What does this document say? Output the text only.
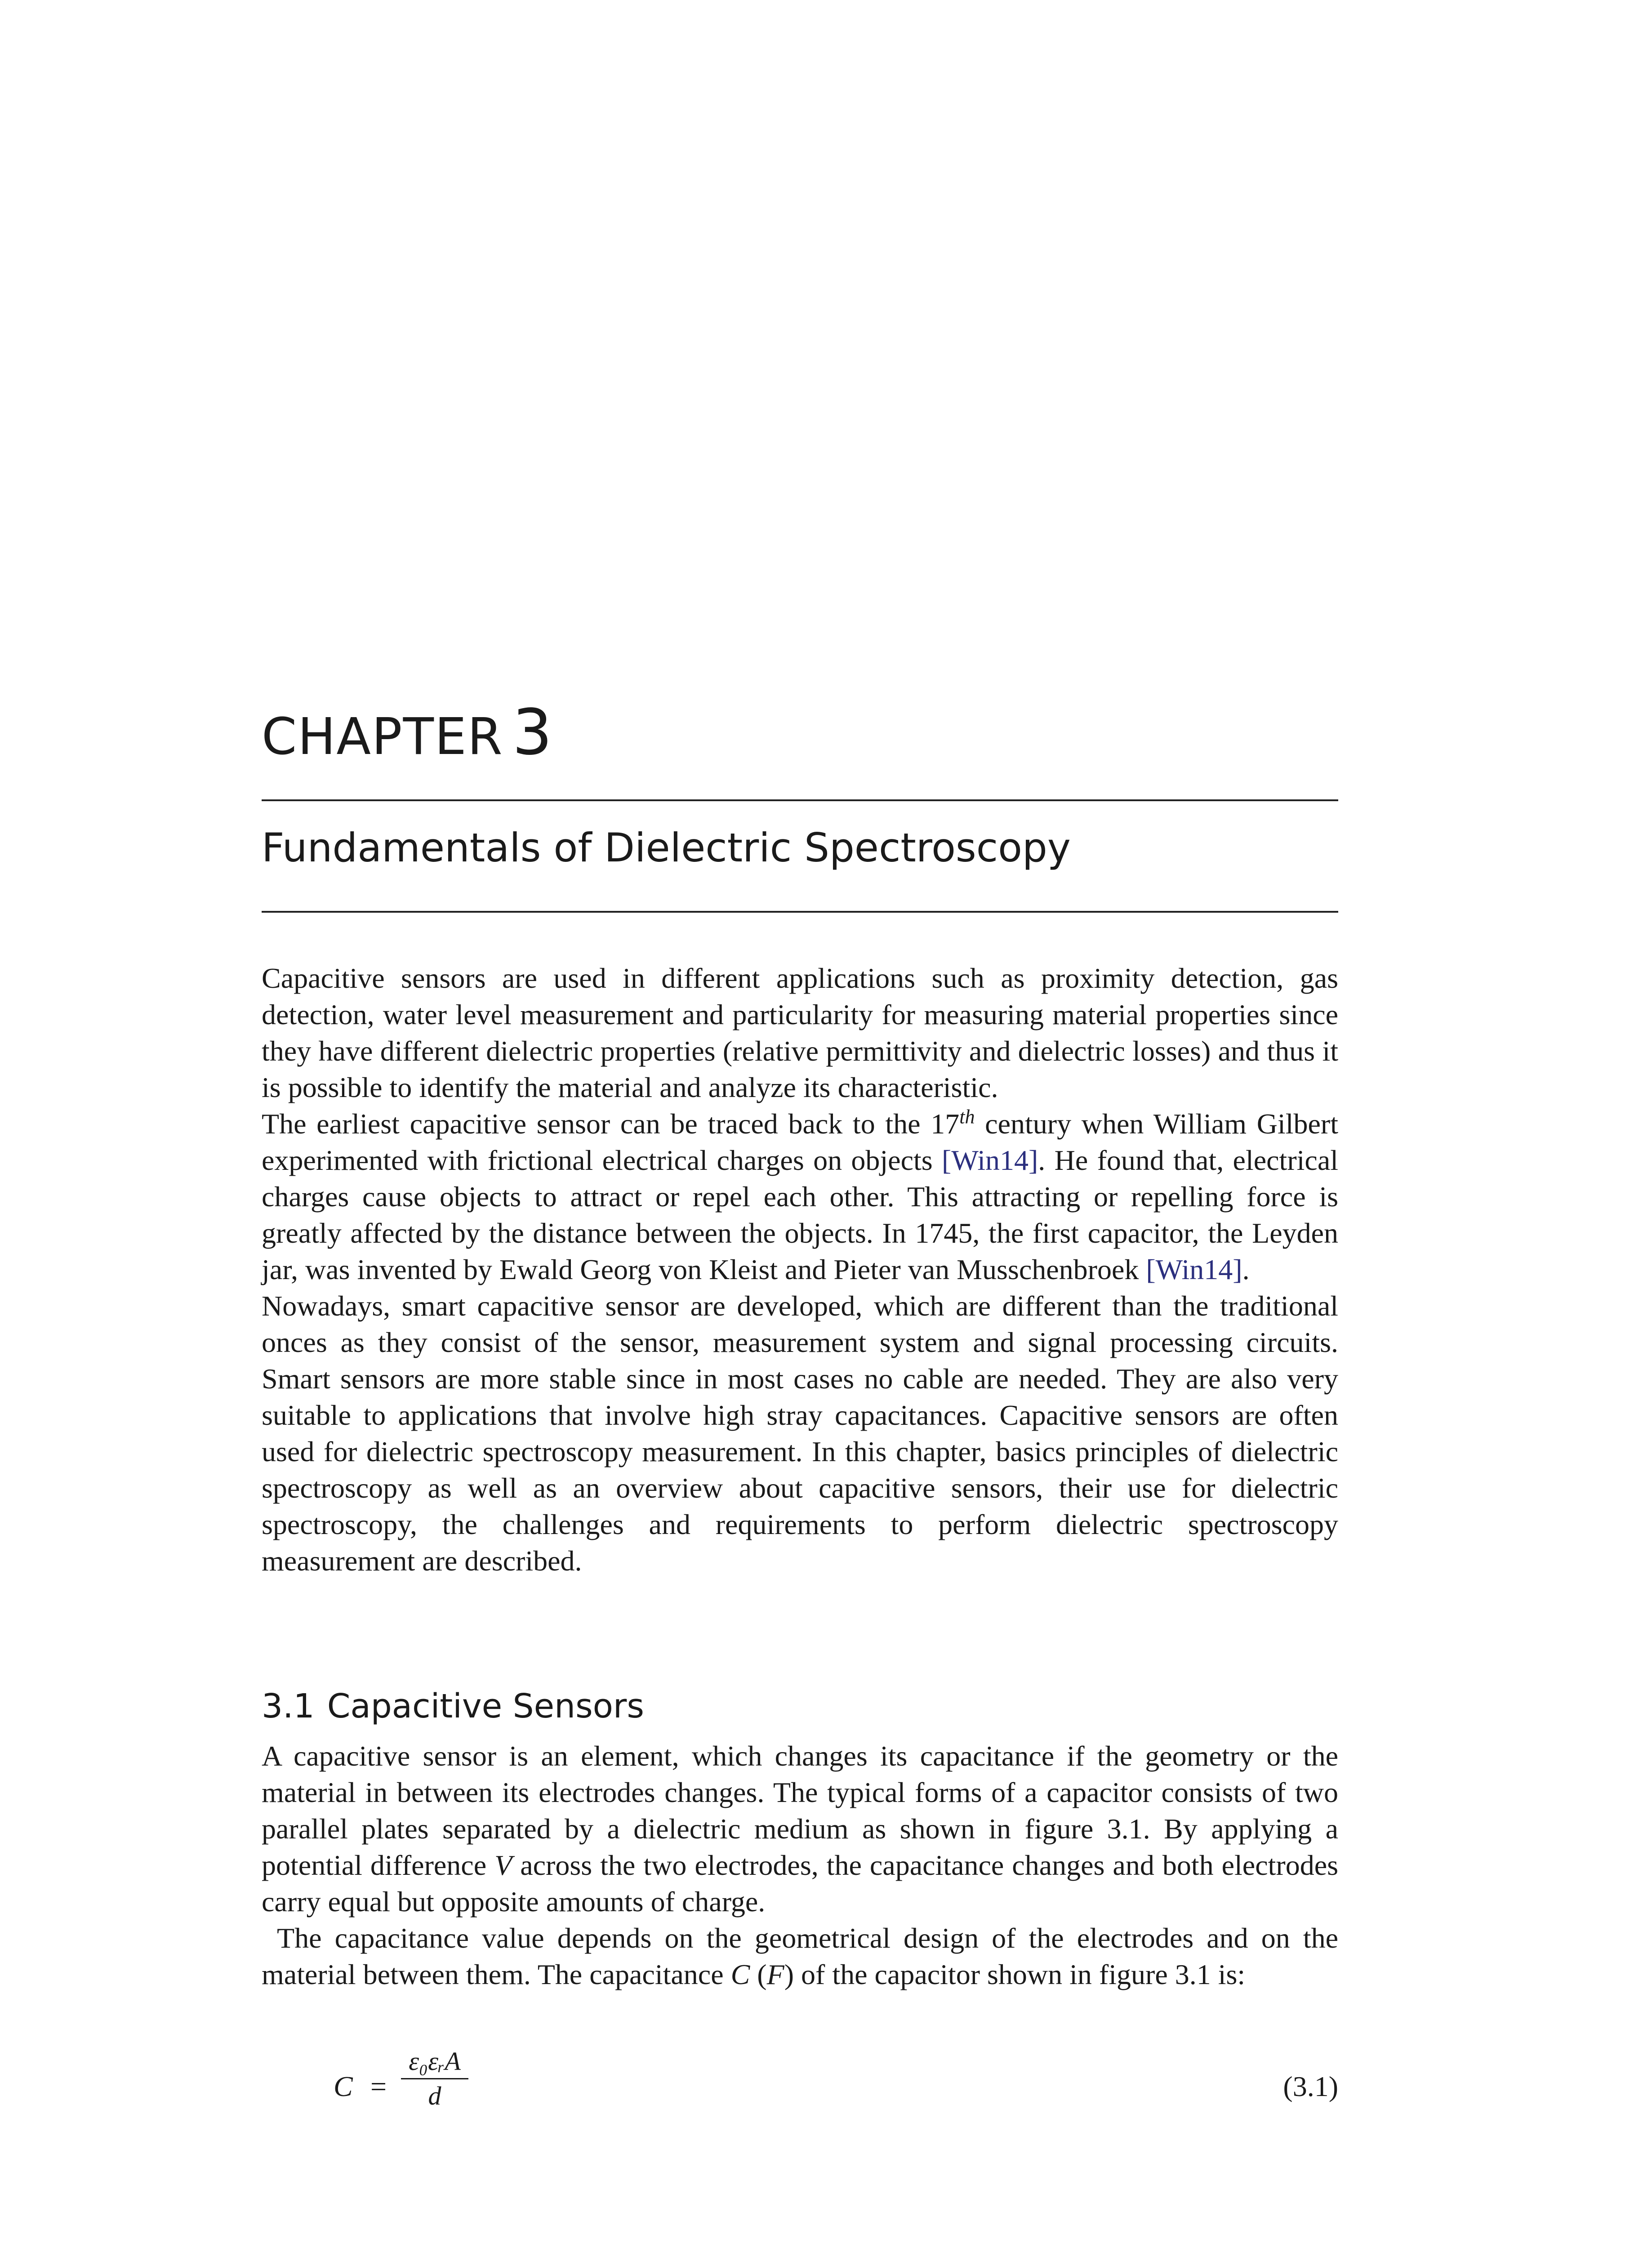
CHAPTER 3
Fundamentals of Dielectric Spectroscopy

Capacitive sensors are used in different applications such as proximity detection, gas detection, water level measurement and particularity for measuring material properties since they have different dielectric properties (relative permittivity and dielectric losses) and thus it is possible to identify the material and analyze its characteristic.

The earliest capacitive sensor can be traced back to the 17th century when William Gilbert experimented with frictional electrical charges on objects [Win14]. He found that, electrical charges cause objects to attract or repel each other. This attracting or repelling force is greatly affected by the distance between the objects. In 1745, the first capacitor, the Leyden jar, was invented by Ewald Georg von Kleist and Pieter van Musschenbroek [Win14].

Nowadays, smart capacitive sensor are developed, which are different than the traditional onces as they consist of the sensor, measurement system and signal processing circuits. Smart sensors are more stable since in most cases no cable are needed. They are also very suitable to applications that involve high stray capacitances. Capacitive sensors are often used for dielectric spectroscopy measurement. In this chapter, basics principles of dielectric spectroscopy as well as an overview about capacitive sensors, their use for dielectric spectroscopy, the challenges and requirements to perform dielectric spectroscopy measurement are described.

3.1 Capacitive Sensors

A capacitive sensor is an element, which changes its capacitance if the geometry or the material in between its electrodes changes. The typical forms of a capacitor consists of two parallel plates separated by a dielectric medium as shown in figure 3.1. By applying a potential difference V across the two electrodes, the capacitance changes and both electrodes carry equal but opposite amounts of charge.

The capacitance value depends on the geometrical design of the electrodes and on the material between them. The capacitance C (F) of the capacitor shown in figure 3.1 is:

C =
ε₀εᵣA
d	(3.1)
